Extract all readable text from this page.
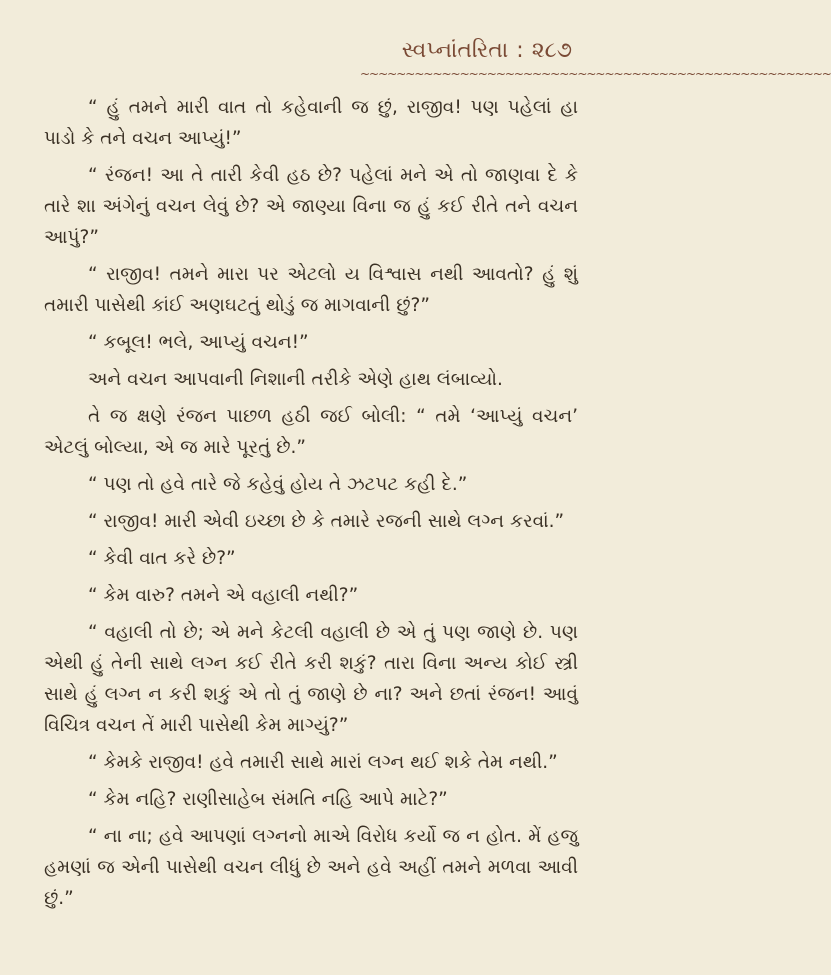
સ્વપ્નાંતરિતા : ૨૮૭
~~~~~~~~~~~~~~~~~~~~~~~~~~~~~~~~~~~~~~~~~~~~~~~~~~~~

“ હું તમને મારી વાત તો કહેવાની જ છું, રાજીવ! પણ પહેલાં હા પાડો કે તને વચન આપ્યું!”

“ રંજન! આ તે તારી કેવી હઠ છે? પહેલાં મને એ તો જાણવા દે કે તારે શા અંગેનું વચન લેવું છે? એ જાણ્યા વિના જ હું કઈ રીતે તને વચન આપું?”

“ રાજીવ! તમને મારા પર એટલો ય વિશ્વાસ નથી આવતો? હું શું તમારી પાસેથી કાંઈ અણઘટતું થોડું જ માગવાની છું?”

“ કબૂલ! ભલે, આપ્યું વચન!”

અને વચન આપવાની નિશાની તરીકે એણે હાથ લંબાવ્યો.

તે જ ક્ષણે રંજન પાછળ હઠી જઈ બોલી: “ તમે ‘આપ્યું વચન’ એટલું બોલ્યા, એ જ મારે પૂરતું છે.”

“ પણ તો હવે તારે જે કહેવું હોય તે ઝટપટ કહી દે.”

“ રાજીવ! મારી એવી ઇચ્છા છે કે તમારે રજની સાથે લગ્ન કરવાં.”

“ કેવી વાત કરે છે?”

“ કેમ વારુ? તમને એ વહાલી નથી?”

“ વહાલી તો છે; એ મને કેટલી વહાલી છે એ તું પણ જાણે છે. પણ એથી હું તેની સાથે લગ્ન કઈ રીતે કરી શકું? તારા વિના અન્ય કોઈ સ્ત્રી સાથે હું લગ્ન ન કરી શકું એ તો તું જાણે છે ના? અને છતાં રંજન! આવું વિચિત્ર વચન તેં મારી પાસેથી કેમ માગ્યું?”

“ કેમકે રાજીવ! હવે તમારી સાથે મારાં લગ્ન થઈ શકે તેમ નથી.”

“ કેમ નહિ? રાણીસાહેબ સંમતિ નહિ આપે માટે?”

“ ના ના; હવે આપણાં લગ્નનો માએ વિરોધ કર્યો જ ન હોત. મેં હજુ હમણાં જ એની પાસેથી વચન લીધું છે અને હવે અહીં તમને મળવા આવી છું.”
